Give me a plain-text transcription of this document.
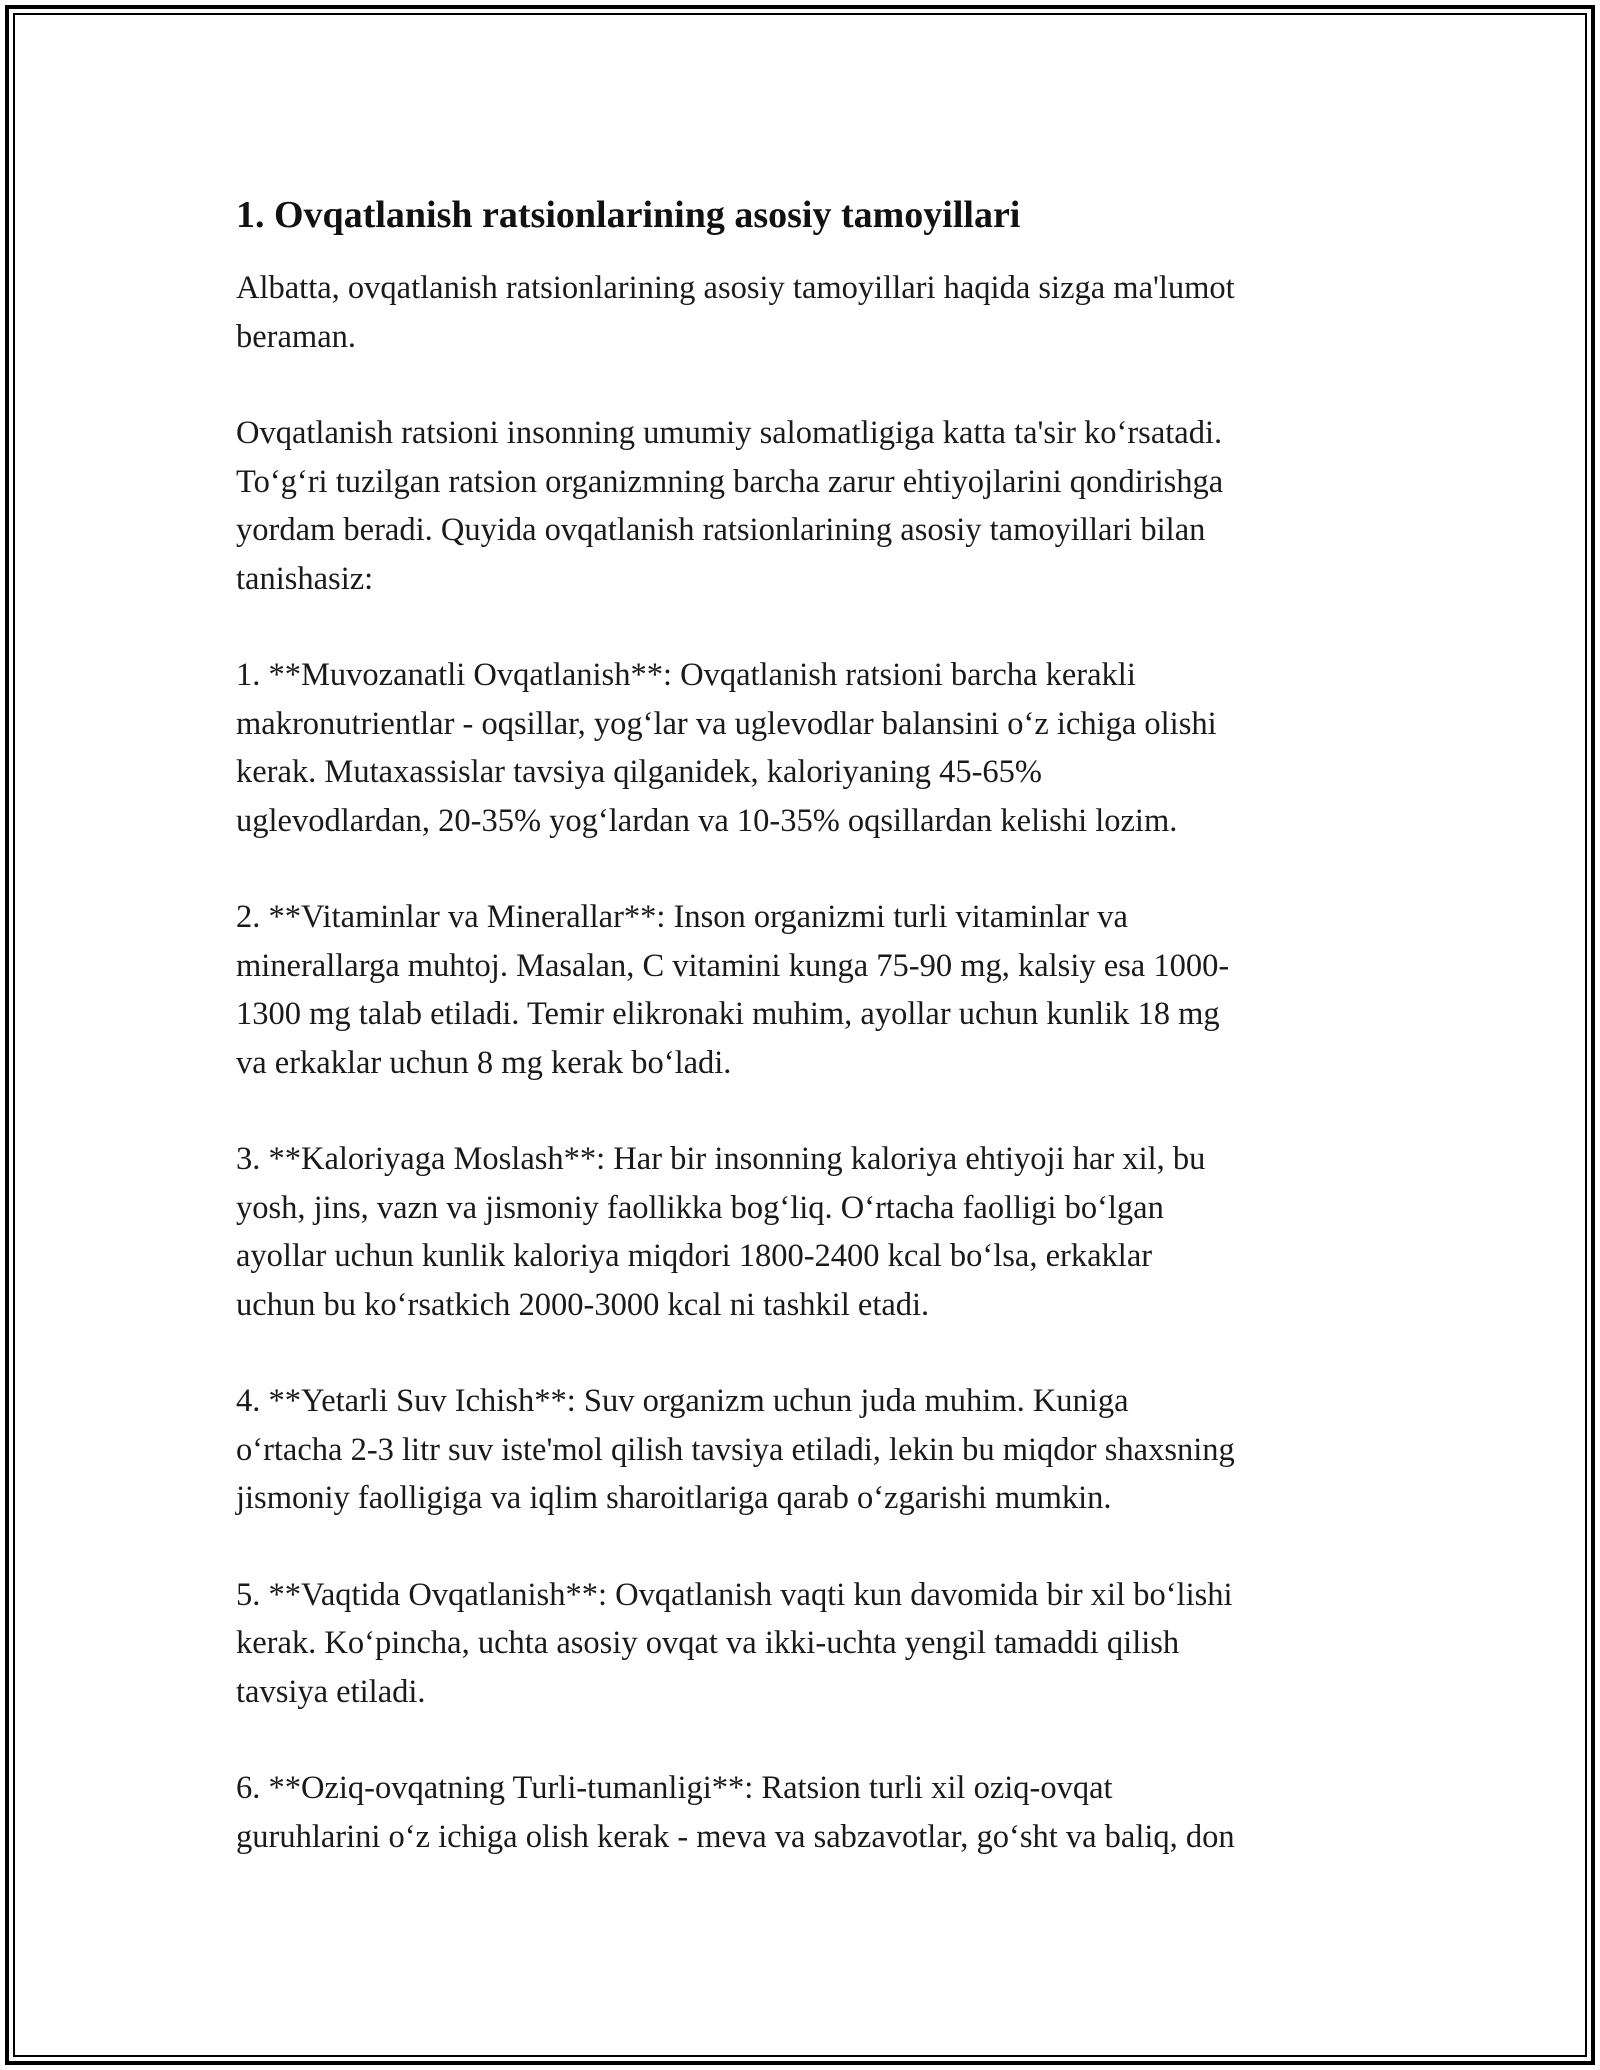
1. Ovqatlanish ratsionlarining asosiy tamoyillari

Albatta, ovqatlanish ratsionlarining asosiy tamoyillari haqida sizga ma'lumot
beraman.

Ovqatlanish ratsioni insonning umumiy salomatligiga katta ta'sir ko‘rsatadi.
To‘g‘ri tuzilgan ratsion organizmning barcha zarur ehtiyojlarini qondirishga
yordam beradi. Quyida ovqatlanish ratsionlarining asosiy tamoyillari bilan
tanishasiz:

1. **Muvozanatli Ovqatlanish**: Ovqatlanish ratsioni barcha kerakli
makronutrientlar - oqsillar, yog‘lar va uglevodlar balansini o‘z ichiga olishi
kerak. Mutaxassislar tavsiya qilganidek, kaloriyaning 45-65%
uglevodlardan, 20-35% yog‘lardan va 10-35% oqsillardan kelishi lozim.

2. **Vitaminlar va Minerallar**: Inson organizmi turli vitaminlar va
minerallarga muhtoj. Masalan, C vitamini kunga 75-90 mg, kalsiy esa 1000-
1300 mg talab etiladi. Temir elikronaki muhim, ayollar uchun kunlik 18 mg
va erkaklar uchun 8 mg kerak bo‘ladi.

3. **Kaloriyaga Moslash**: Har bir insonning kaloriya ehtiyoji har xil, bu
yosh, jins, vazn va jismoniy faollikka bog‘liq. O‘rtacha faolligi bo‘lgan
ayollar uchun kunlik kaloriya miqdori 1800-2400 kcal bo‘lsa, erkaklar
uchun bu ko‘rsatkich 2000-3000 kcal ni tashkil etadi.

4. **Yetarli Suv Ichish**: Suv organizm uchun juda muhim. Kuniga
o‘rtacha 2-3 litr suv iste'mol qilish tavsiya etiladi, lekin bu miqdor shaxsning
jismoniy faolligiga va iqlim sharoitlariga qarab o‘zgarishi mumkin.

5. **Vaqtida Ovqatlanish**: Ovqatlanish vaqti kun davomida bir xil bo‘lishi
kerak. Ko‘pincha, uchta asosiy ovqat va ikki-uchta yengil tamaddi qilish
tavsiya etiladi.

6. **Oziq-ovqatning Turli-tumanligi**: Ratsion turli xil oziq-ovqat
guruhlarini o‘z ichiga olish kerak - meva va sabzavotlar, go‘sht va baliq, don
